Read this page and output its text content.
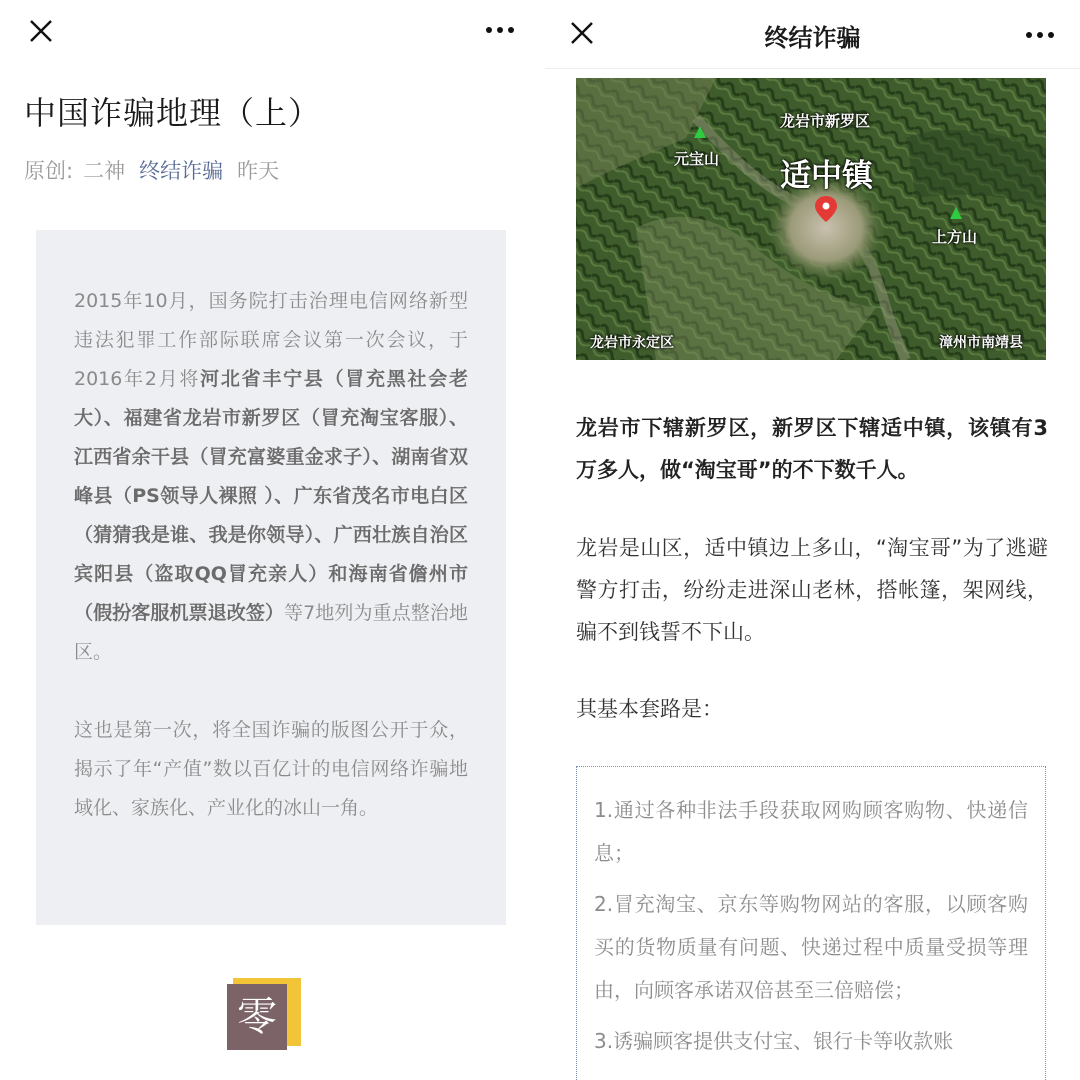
中国诈骗地理（上）
原创: 二神 终结诈骗 昨天

2015年10月，国务院打击治理电信网络新型违法犯罪工作部际联席会议第一次会议，于2016年2月将河北省丰宁县（冒充黑社会老大）、福建省龙岩市新罗区（冒充淘宝客服）、江西省余干县（冒充富婆重金求子）、湖南省双峰县（PS领导人裸照 ）、广东省茂名市电白区（猜猜我是谁、我是你领导）、广西壮族自治区宾阳县（盗取QQ冒充亲人）和海南省儋州市（假扮客服机票退改签）等7地列为重点整治地区。

这也是第一次，将全国诈骗的版图公开于众，揭示了年“产值”数以百亿计的电信网络诈骗地域化、家族化、产业化的冰山一角。

零
终结诈骗
龙岩市新罗区
适中镇
元宝山
上方山
龙岩市永定区	漳州市南靖县

龙岩市下辖新罗区，新罗区下辖适中镇，该镇有3万多人，做“淘宝哥”的不下数千人。

龙岩是山区，适中镇边上多山，“淘宝哥”为了逃避警方打击，纷纷走进深山老林，搭帐篷，架网线，骗不到钱誓不下山。

其基本套路是：

1.通过各种非法手段获取网购顾客购物、快递信息；

2.冒充淘宝、京东等购物网站的客服，以顾客购买的货物质量有问题、快递过程中质量受损等理由，向顾客承诺双倍甚至三倍赔偿；

3.诱骗顾客提供支付宝、银行卡等收款账
